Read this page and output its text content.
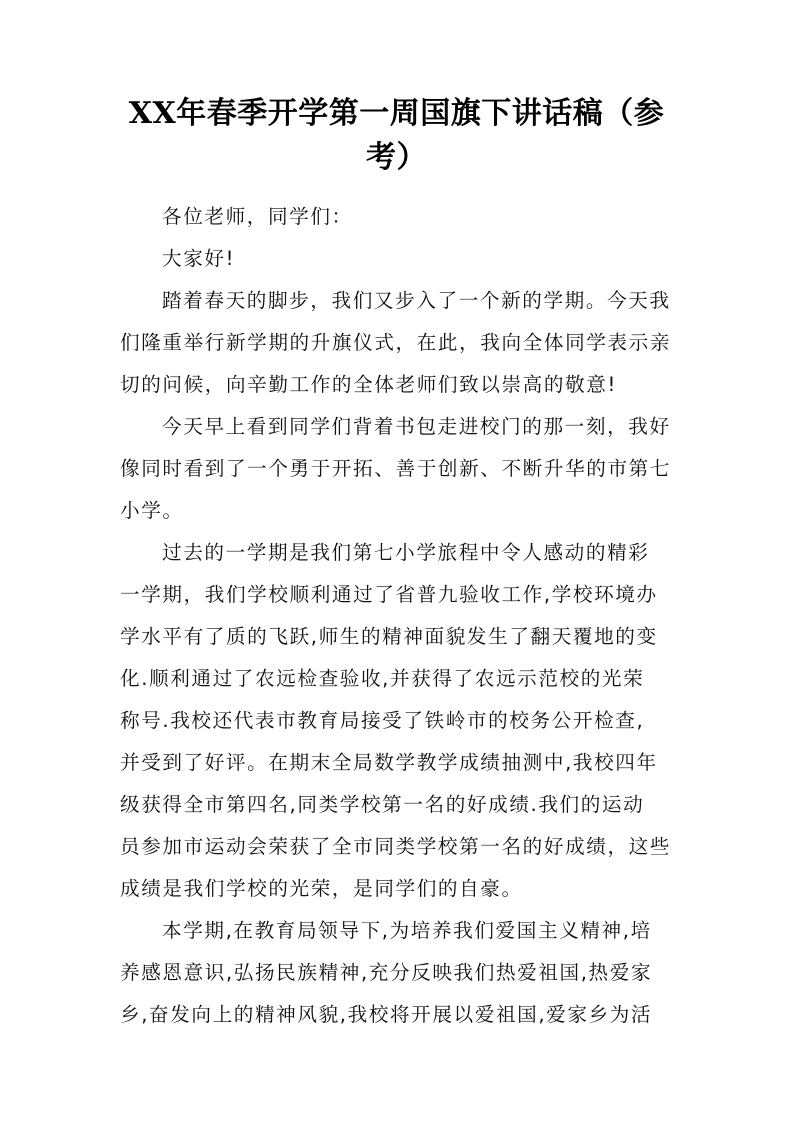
XX年春季开学第一周国旗下讲话稿（参
考）
各位老师，同学们：
大家好!
踏着春天的脚步，我们又步入了一个新的学期。今天我
们隆重举行新学期的升旗仪式，在此，我向全体同学表示亲
切的问候，向辛勤工作的全体老师们致以崇高的敬意!
今天早上看到同学们背着书包走进校门的那一刻，我好
像同时看到了一个勇于开拓、善于创新、不断升华的市第七
小学。
过去的一学期是我们第七小学旅程中令人感动的精彩
一学期，我们学校顺利通过了省普九验收工作,学校环境办
学水平有了质的飞跃,师生的精神面貌发生了翻天覆地的变
化.顺利通过了农远检查验收,并获得了农远示范校的光荣
称号.我校还代表市教育局接受了铁岭市的校务公开检查,
并受到了好评。在期末全局数学教学成绩抽测中,我校四年
级获得全市第四名,同类学校第一名的好成绩.我们的运动
员参加市运动会荣获了全市同类学校第一名的好成绩，这些
成绩是我们学校的光荣，是同学们的自豪。
本学期,在教育局领导下,为培养我们爱国主义精神,培
养感恩意识,弘扬民族精神,充分反映我们热爱祖国,热爱家
乡,奋发向上的精神风貌,我校将开展以爱祖国,爱家乡为活
